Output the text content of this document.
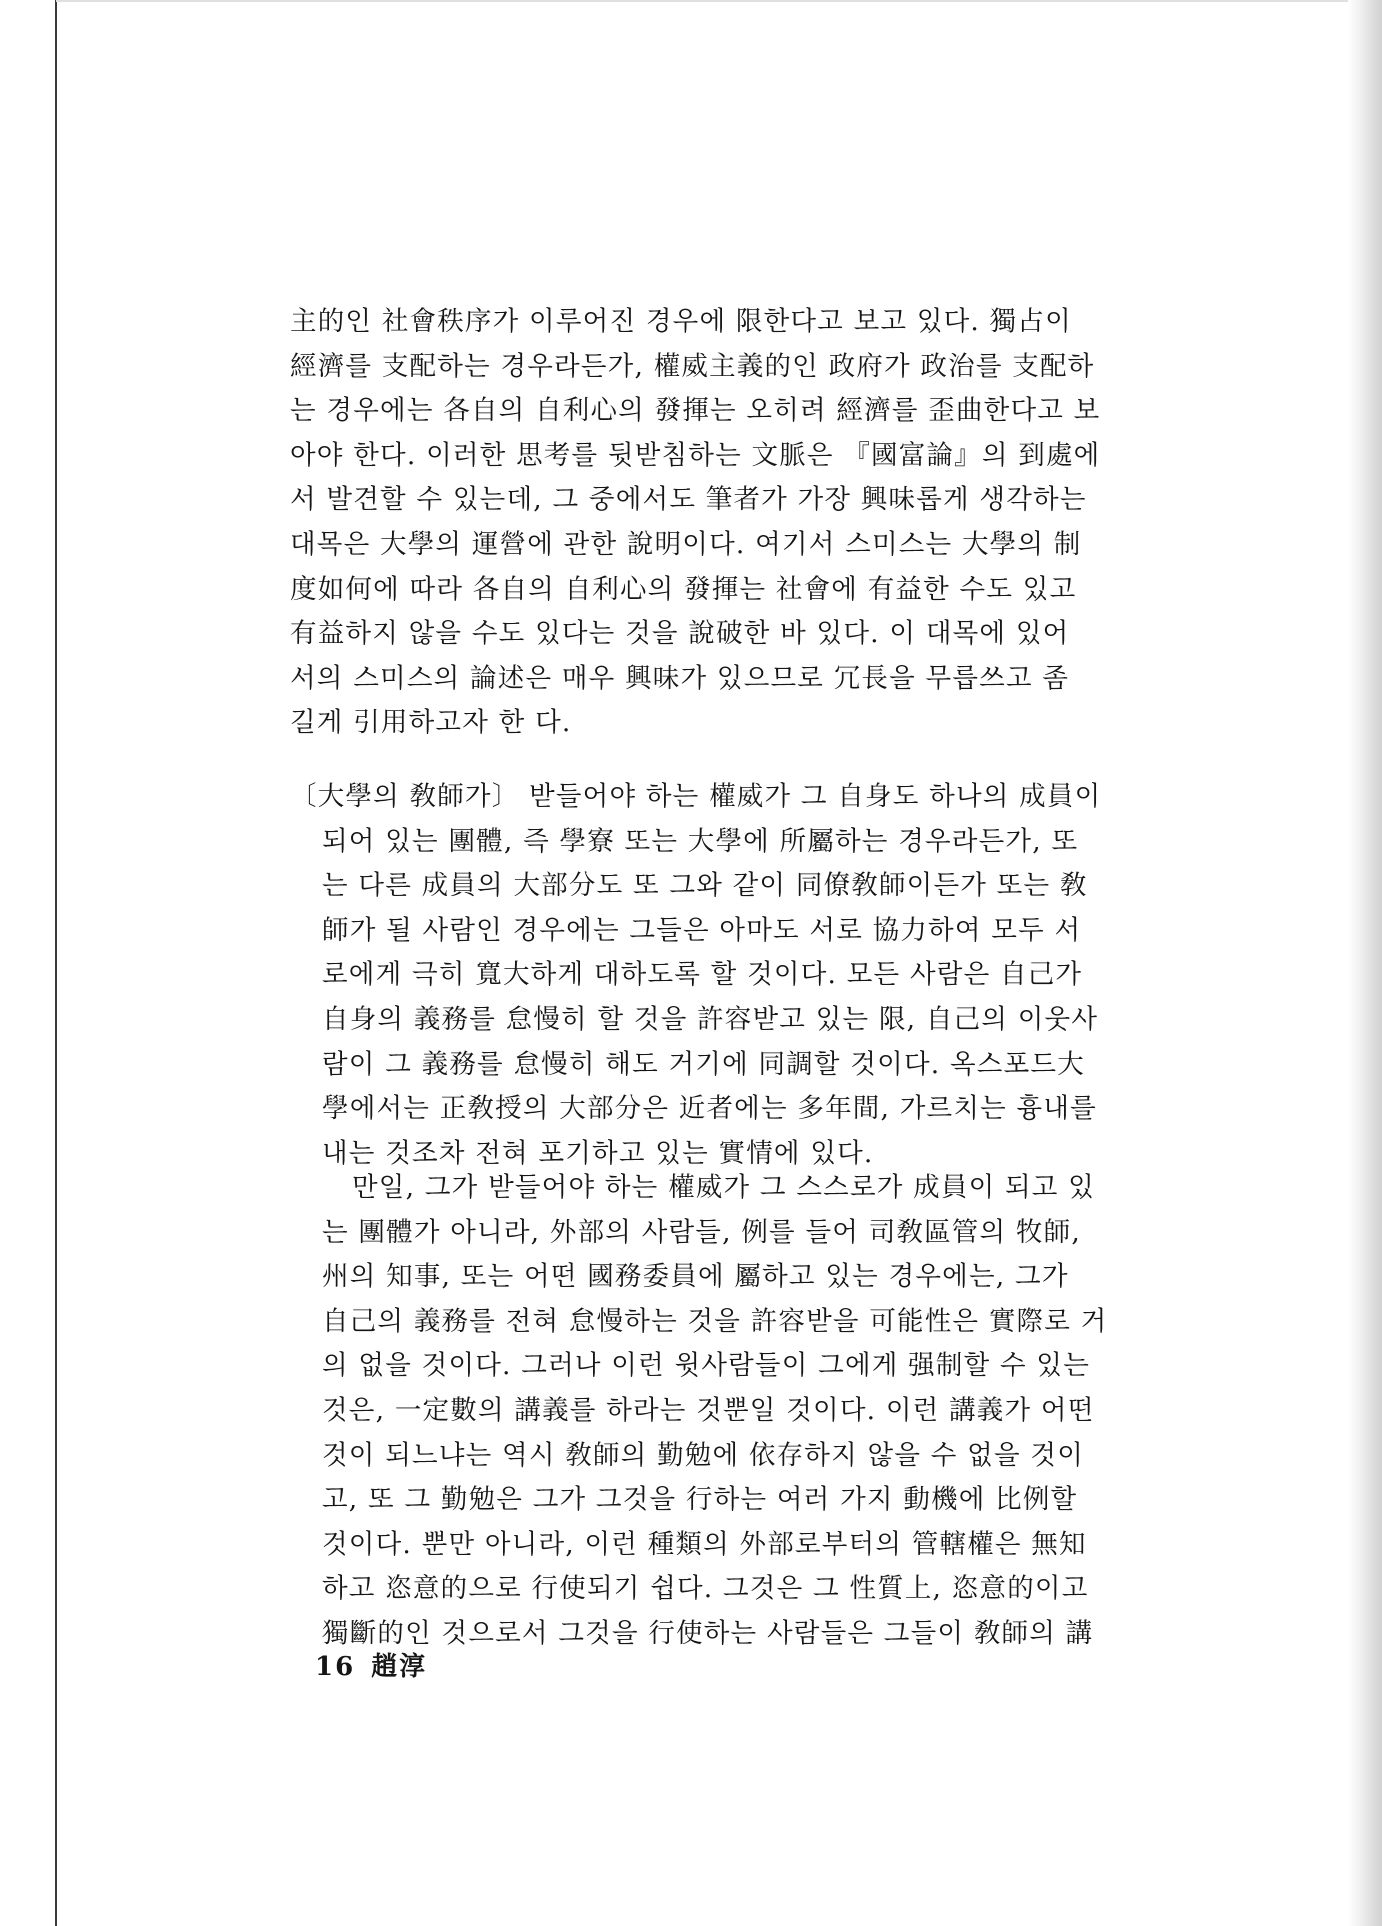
主的인 社會秩序가 이루어진 경우에 限한다고 보고 있다. 獨占이
經濟를 支配하는 경우라든가, 權威主義的인 政府가 政治를 支配하
는 경우에는 各自의 自利心의 發揮는 오히려 經濟를 歪曲한다고 보
아야 한다. 이러한 思考를 뒷받침하는 文脈은 『國富論』의 到處에
서 발견할 수 있는데, 그 중에서도 筆者가 가장 興味롭게 생각하는
대목은 大學의 運營에 관한 說明이다. 여기서 스미스는 大學의 制
度如何에 따라 各自의 自利心의 發揮는 社會에 有益한 수도 있고
有益하지 않을 수도 있다는 것을 說破한 바 있다. 이 대목에 있어
서의 스미스의 論述은 매우 興味가 있으므로 冗長을 무릅쓰고 좀
길게 引用하고자 한 다.
〔大學의 敎師가〕 받들어야 하는 權威가 그 自身도 하나의 成員이
되어 있는 團體, 즉 學寮 또는 大學에 所屬하는 경우라든가, 또
는 다른 成員의 大部分도 또 그와 같이 同僚敎師이든가 또는 敎
師가 될 사람인 경우에는 그들은 아마도 서로 協力하여 모두 서
로에게 극히 寬大하게 대하도록 할 것이다. 모든 사람은 自己가
自身의 義務를 怠慢히 할 것을 許容받고 있는 限, 自己의 이웃사
람이 그 義務를 怠慢히 해도 거기에 同調할 것이다. 옥스포드大
學에서는 正敎授의 大部分은 近者에는 多年間, 가르치는 흉내를
내는 것조차 전혀 포기하고 있는 實情에 있다.
만일, 그가 받들어야 하는 權威가 그 스스로가 成員이 되고 있
는 團體가 아니라, 外部의 사람들, 例를 들어 司敎區管의 牧師,
州의 知事, 또는 어떤 國務委員에 屬하고 있는 경우에는, 그가
自己의 義務를 전혀 怠慢하는 것을 許容받을 可能性은 實際로 거
의 없을 것이다. 그러나 이런 윗사람들이 그에게 强制할 수 있는
것은, 一定數의 講義를 하라는 것뿐일 것이다. 이런 講義가 어떤
것이 되느냐는 역시 敎師의 勤勉에 依存하지 않을 수 없을 것이
고, 또 그 勤勉은 그가 그것을 行하는 여러 가지 動機에 比例할
것이다. 뿐만 아니라, 이런 種類의 外部로부터의 管轄權은 無知
하고 恣意的으로 行使되기 쉽다. 그것은 그 性質上, 恣意的이고
獨斷的인 것으로서 그것을 行使하는 사람들은 그들이 敎師의 講
16 趙淳
